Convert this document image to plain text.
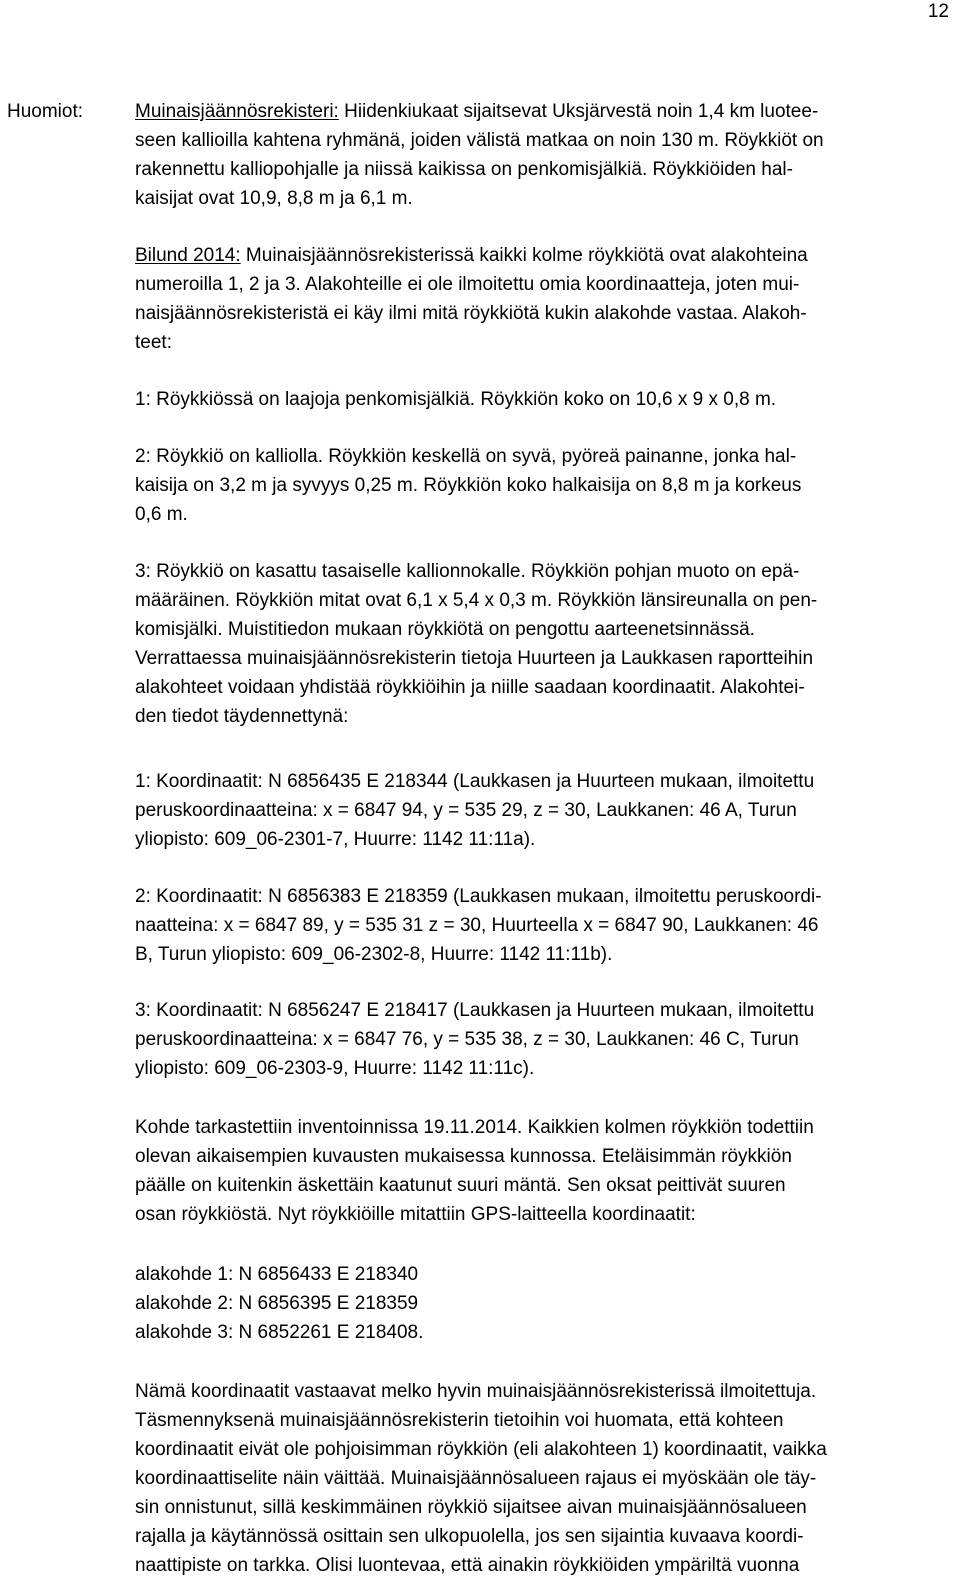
12
Huomiot:	Muinaisjäännösrekisteri: Hiidenkiukaat sijaitsevat Uksjärvestä noin 1,4 km luotee-
seen kallioilla kahtena ryhmänä, joiden välistä matkaa on noin 130 m. Röykkiöt on
rakennettu kalliopohjalle ja niissä kaikissa on penkomisjälkiä. Röykkiöiden hal-
kaisijat ovat 10,9, 8,8 m ja 6,1 m.

Bilund 2014: Muinaisjäännösrekisterissä kaikki kolme röykkiötä ovat alakohteina
numeroilla 1, 2 ja 3. Alakohteille ei ole ilmoitettu omia koordinaatteja, joten mui-
naisjäännösrekisteristä ei käy ilmi mitä röykkiötä kukin alakohde vastaa. Alakoh-
teet:

1: Röykkiössä on laajoja penkomisjälkiä. Röykkiön koko on 10,6 x 9 x 0,8 m.

2: Röykkiö on kalliolla. Röykkiön keskellä on syvä, pyöreä painanne, jonka hal-
kaisija on 3,2 m ja syvyys 0,25 m. Röykkiön koko halkaisija on 8,8 m ja korkeus
0,6 m.

3: Röykkiö on kasattu tasaiselle kallionnokalle. Röykkiön pohjan muoto on epä-
määräinen. Röykkiön mitat ovat 6,1 x 5,4 x 0,3 m. Röykkiön länsireunalla on pen-
komisjälki. Muistitiedon mukaan röykkiötä on pengottu aarteenetsinnässä.
Verrattaessa muinaisjäännösrekisterin tietoja Huurteen ja Laukkasen raportteihin
alakohteet voidaan yhdistää röykkiöihin ja niille saadaan koordinaatit. Alakohtei-
den tiedot täydennettynä:

1: Koordinaatit: N 6856435 E 218344 (Laukkasen ja Huurteen mukaan, ilmoitettu
peruskoordinaatteina: x = 6847 94, y = 535 29, z = 30, Laukkanen: 46 A, Turun
yliopisto: 609_06-2301-7, Huurre: 1142 11:11a).

2: Koordinaatit: N 6856383 E 218359 (Laukkasen mukaan, ilmoitettu peruskoordi-
naatteina: x = 6847 89, y = 535 31 z = 30, Huurteella x = 6847 90, Laukkanen: 46
B, Turun yliopisto: 609_06-2302-8, Huurre: 1142 11:11b).

3: Koordinaatit: N 6856247 E 218417 (Laukkasen ja Huurteen mukaan, ilmoitettu
peruskoordinaatteina: x = 6847 76, y = 535 38, z = 30, Laukkanen: 46 C, Turun
yliopisto: 609_06-2303-9, Huurre: 1142 11:11c).

Kohde tarkastettiin inventoinnissa 19.11.2014. Kaikkien kolmen röykkiön todettiin
olevan aikaisempien kuvausten mukaisessa kunnossa. Eteläisimmän röykkiön
päälle on kuitenkin äskettäin kaatunut suuri mäntä. Sen oksat peittivät suuren
osan röykkiöstä. Nyt röykkiöille mitattiin GPS-laitteella koordinaatit:

alakohde 1: N 6856433 E 218340
alakohde 2: N 6856395 E 218359
alakohde 3: N 6852261 E 218408.

Nämä koordinaatit vastaavat melko hyvin muinaisjäännösrekisterissä ilmoitettuja.
Täsmennyksenä muinaisjäännösrekisterin tietoihin voi huomata, että kohteen
koordinaatit eivät ole pohjoisimman röykkiön (eli alakohteen 1) koordinaatit, vaikka
koordinaattiselite näin väittää. Muinaisjäännösalueen rajaus ei myöskään ole täy-
sin onnistunut, sillä keskimmäinen röykkiö sijaitsee aivan muinaisjäännösalueen
rajalla ja käytännössä osittain sen ulkopuolella, jos sen sijaintia kuvaava koordi-
naattipiste on tarkka. Olisi luontevaa, että ainakin röykkiöiden ympäriltä vuonna
